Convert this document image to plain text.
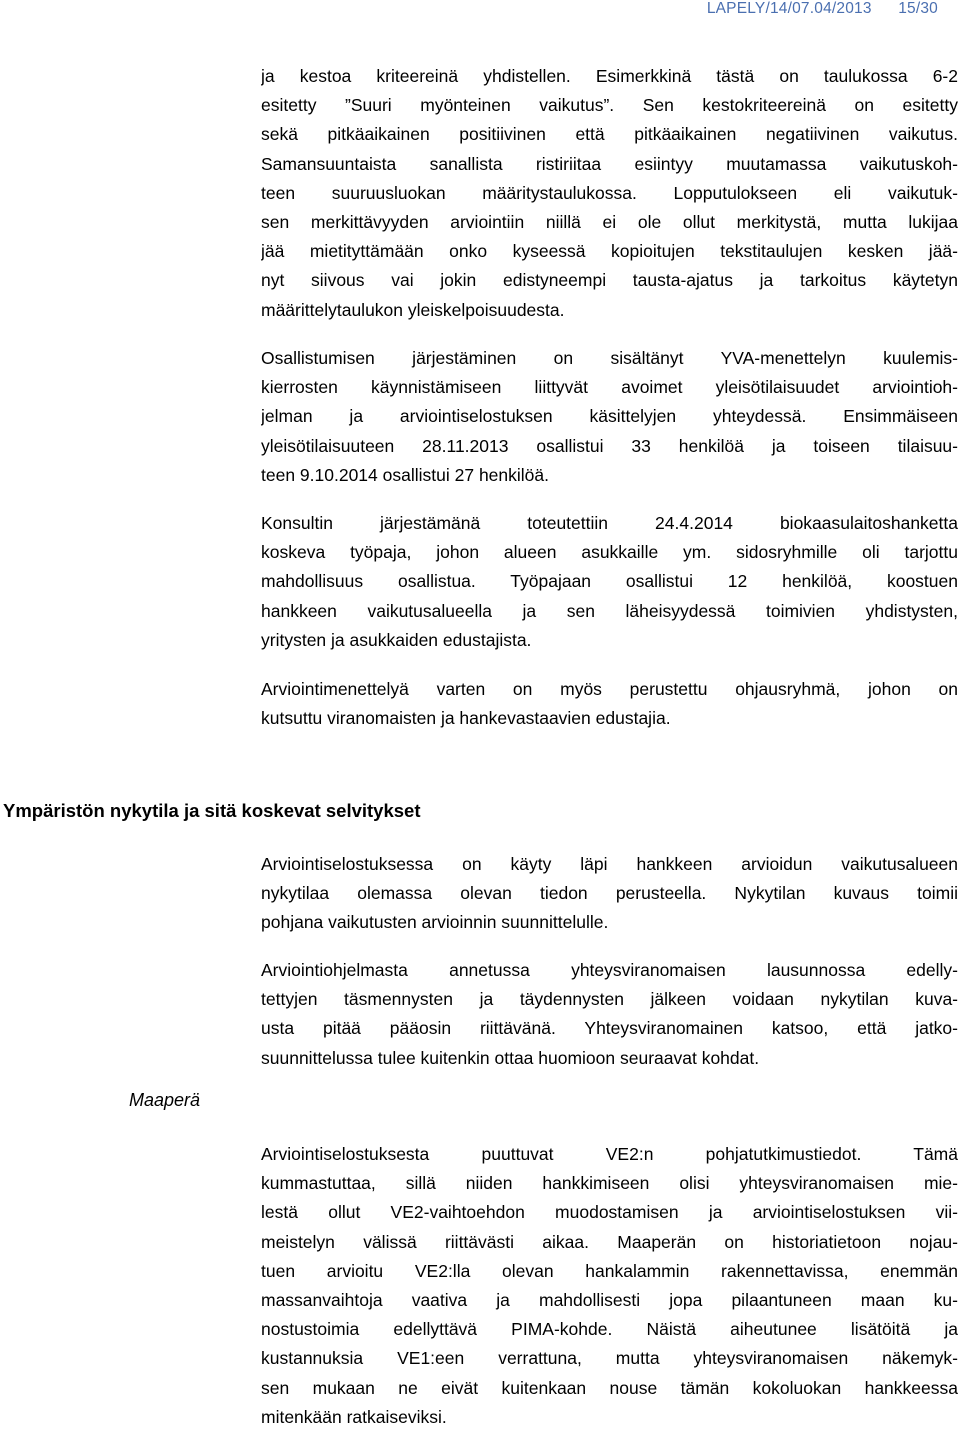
LAPELY/14/07.04/2013 15/30
ja kestoa kriteereinä yhdistellen. Esimerkkinä tästä on taulukossa 6-2
esitetty ”Suuri myönteinen vaikutus”. Sen kestokriteereinä on esitetty
sekä pitkäaikainen positiivinen että pitkäaikainen negatiivinen vaikutus.
Samansuuntaista sanallista ristiriitaa esiintyy muutamassa vaikutuskoh-
teen suuruusluokan määritystaulukossa. Lopputulokseen eli vaikutuk-
sen merkittävyyden arviointiin niillä ei ole ollut merkitystä, mutta lukijaa
jää mietityttämään onko kyseessä kopioitujen tekstitaulujen kesken jää-
nyt siivous vai jokin edistyneempi tausta-ajatus ja tarkoitus käytetyn
määrittelytaulukon yleiskelpoisuudesta.
Osallistumisen järjestäminen on sisältänyt YVA-menettelyn kuulemis-
kierrosten käynnistämiseen liittyvät avoimet yleisötilaisuudet arviointioh-
jelman ja arviointiselostuksen käsittelyjen yhteydessä. Ensimmäiseen
yleisötilaisuuteen 28.11.2013 osallistui 33 henkilöä ja toiseen tilaisuu-
teen 9.10.2014 osallistui 27 henkilöä.
Konsultin järjestämänä toteutettiin 24.4.2014 biokaasulaitoshanketta
koskeva työpaja, johon alueen asukkaille ym. sidosryhmille oli tarjottu
mahdollisuus osallistua. Työpajaan osallistui 12 henkilöä, koostuen
hankkeen vaikutusalueella ja sen läheisyydessä toimivien yhdistysten,
yritysten ja asukkaiden edustajista.
Arviointimenettelyä varten on myös perustettu ohjausryhmä, johon on
kutsuttu viranomaisten ja hankevastaavien edustajia.
Ympäristön nykytila ja sitä koskevat selvitykset
Arviointiselostuksessa on käyty läpi hankkeen arvioidun vaikutusalueen
nykytilaa olemassa olevan tiedon perusteella. Nykytilan kuvaus toimii
pohjana vaikutusten arvioinnin suunnittelulle.
Arviointiohjelmasta annetussa yhteysviranomaisen lausunnossa edelly-
tettyjen täsmennysten ja täydennysten jälkeen voidaan nykytilan kuva-
usta pitää pääosin riittävänä. Yhteysviranomainen katsoo, että jatko-
suunnittelussa tulee kuitenkin ottaa huomioon seuraavat kohdat.
Maaperä
Arviointiselostuksesta puuttuvat VE2:n pohjatutkimustiedot. Tämä
kummastuttaa, sillä niiden hankkimiseen olisi yhteysviranomaisen mie-
lestä ollut VE2-vaihtoehdon muodostamisen ja arviointiselostuksen vii-
meistelyn välissä riittävästi aikaa. Maaperän on historiatietoon nojau-
tuen arvioitu VE2:lla olevan hankalammin rakennettavissa, enemmän
massanvaihtoja vaativa ja mahdollisesti jopa pilaantuneen maan ku-
nostustoimia edellyttävä PIMA-kohde. Näistä aiheutunee lisätöitä ja
kustannuksia VE1:een verrattuna, mutta yhteysviranomaisen näkemyk-
sen mukaan ne eivät kuitenkaan nouse tämän kokoluokan hankkeessa
mitenkään ratkaiseviksi.
